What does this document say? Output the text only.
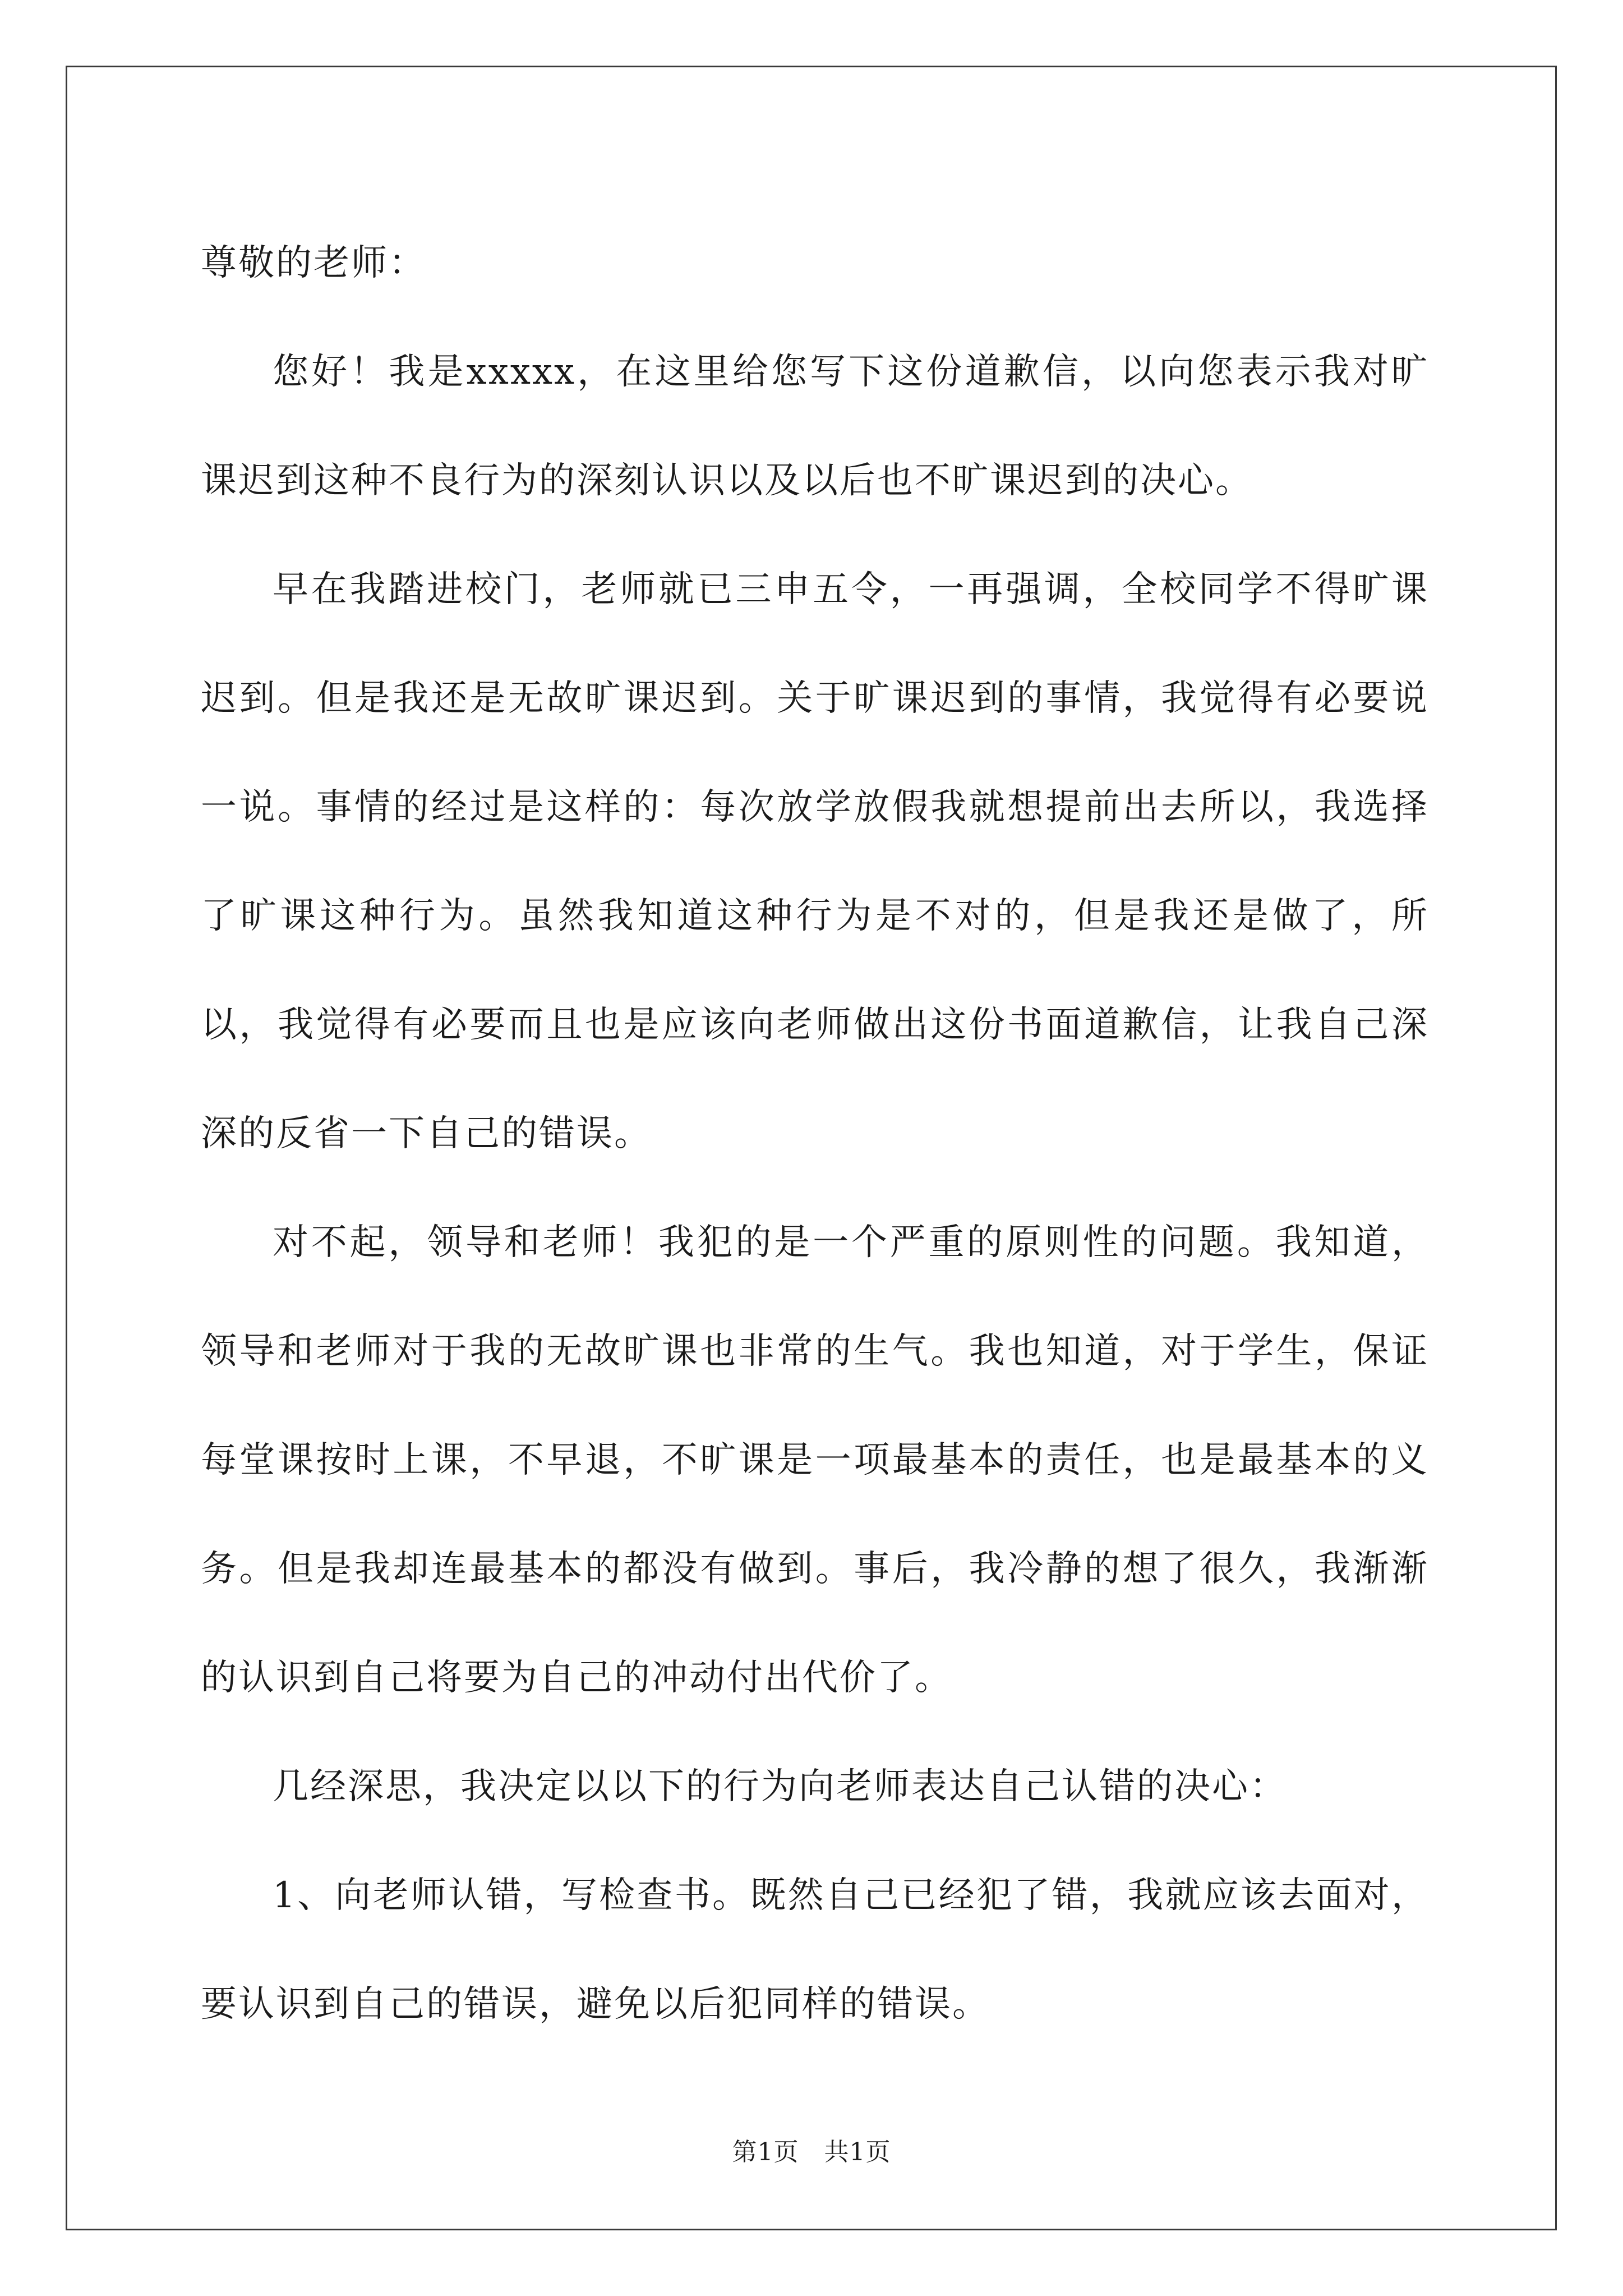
尊敬的老师：

您好！我是xxxxx，在这里给您写下这份道歉信，以向您表示我对旷课迟到这种不良行为的深刻认识以及以后也不旷课迟到的决心。

早在我踏进校门，老师就已三申五令，一再强调，全校同学不得旷课迟到。但是我还是无故旷课迟到。关于旷课迟到的事情，我觉得有必要说一说。事情的经过是这样的：每次放学放假我就想提前出去所以，我选择了旷课这种行为。虽然我知道这种行为是不对的，但是我还是做了，所以，我觉得有必要而且也是应该向老师做出这份书面道歉信，让我自己深深的反省一下自己的错误。

对不起，领导和老师！我犯的是一个严重的原则性的问题。我知道，领导和老师对于我的无故旷课也非常的生气。我也知道，对于学生，保证每堂课按时上课，不早退，不旷课是一项最基本的责任，也是最基本的义务。但是我却连最基本的都没有做到。事后，我冷静的想了很久，我渐渐的认识到自己将要为自己的冲动付出代价了。

几经深思，我决定以以下的行为向老师表达自己认错的决心：

1、向老师认错，写检查书。既然自己已经犯了错，我就应该去面对，要认识到自己的错误，避免以后犯同样的错误。

第1页　共1页
